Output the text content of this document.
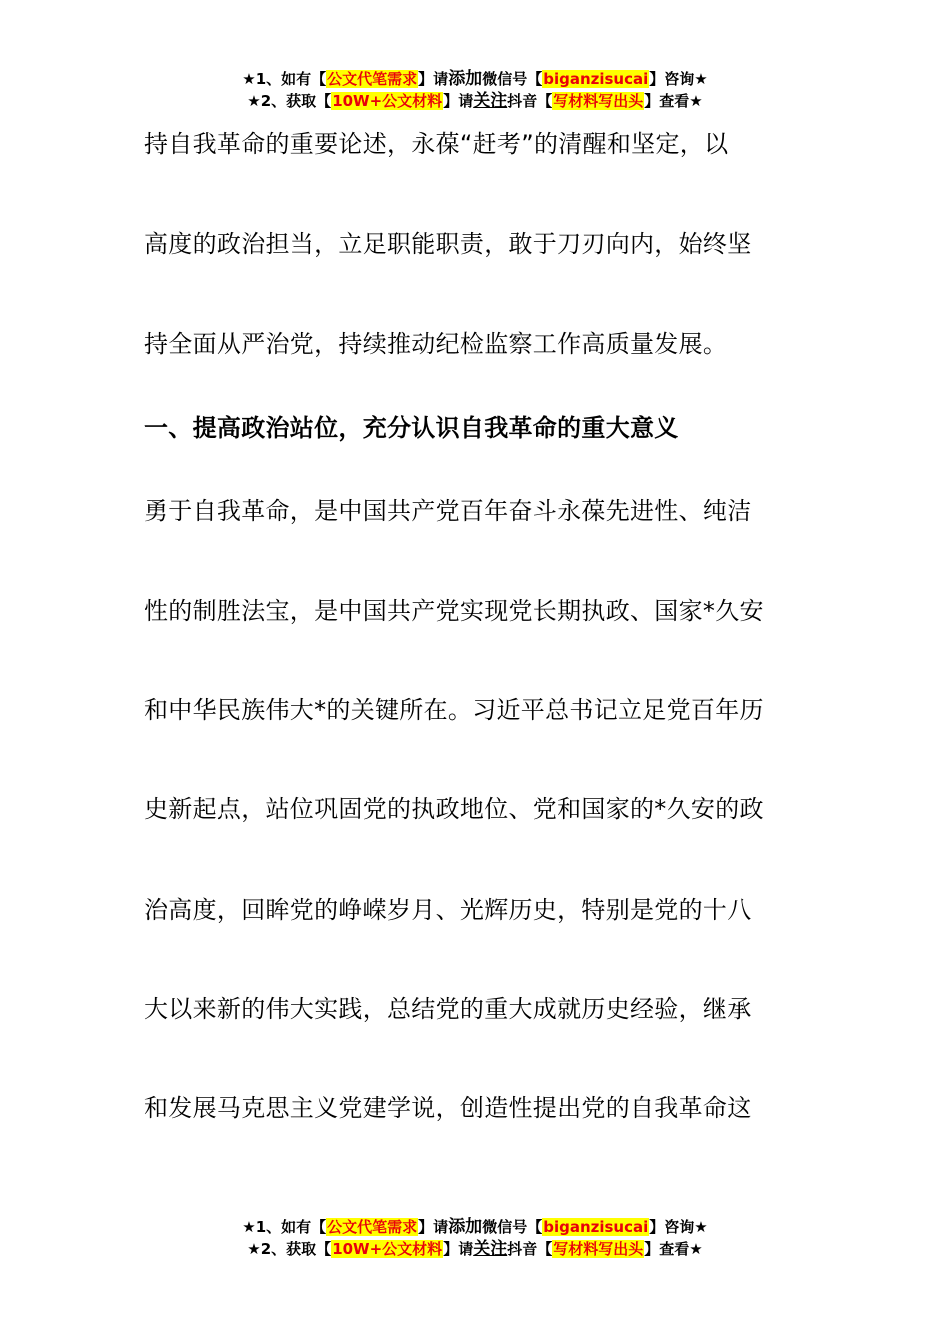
★1、如有【公文代笔需求】请添加微信号【biganzisucai】咨询★
★2、获取【10W+公文材料】请关注抖音【写材料写出头】查看★
持自我革命的重要论述，永葆“赶考”的清醒和坚定，以
高度的政治担当，立足职能职责，敢于刀刃向内，始终坚
持全面从严治党，持续推动纪检监察工作高质量发展。
一、提高政治站位，充分认识自我革命的重大意义
勇于自我革命，是中国共产党百年奋斗永葆先进性、纯洁
性的制胜法宝，是中国共产党实现党长期执政、国家*久安
和中华民族伟大*的关键所在。习近平总书记立足党百年历
史新起点，站位巩固党的执政地位、党和国家的*久安的政
治高度，回眸党的峥嵘岁月、光辉历史，特别是党的十八
大以来新的伟大实践，总结党的重大成就历史经验，继承
和发展马克思主义党建学说，创造性提出党的自我革命这
★1、如有【公文代笔需求】请添加微信号【biganzisucai】咨询★
★2、获取【10W+公文材料】请关注抖音【写材料写出头】查看★
